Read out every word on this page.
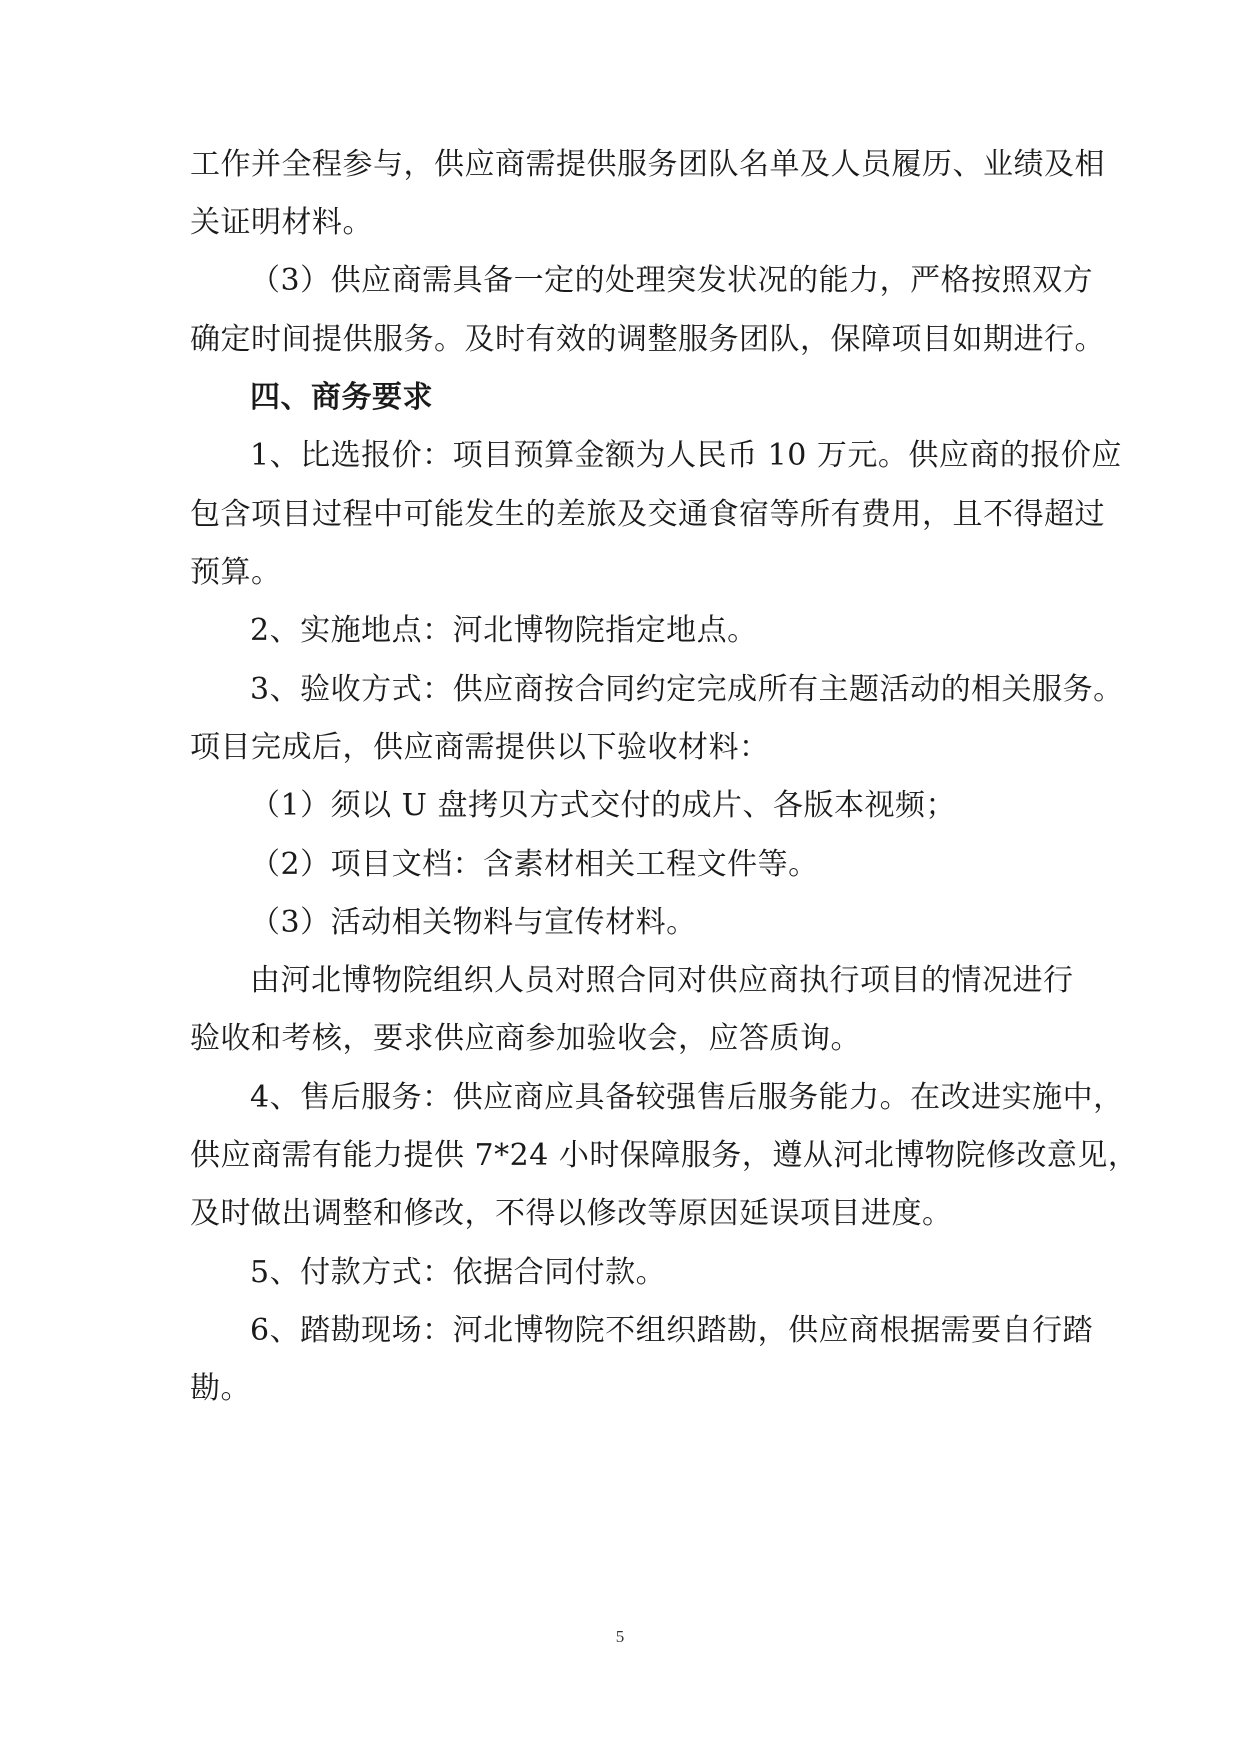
工作并全程参与，供应商需提供服务团队名单及人员履历、业绩及相
关证明材料。
（3）供应商需具备一定的处理突发状况的能力，严格按照双方
确定时间提供服务。及时有效的调整服务团队，保障项目如期进行。
四、商务要求
1、比选报价：项目预算金额为人民币 10 万元。供应商的报价应
包含项目过程中可能发生的差旅及交通食宿等所有费用，且不得超过
预算。
2、实施地点：河北博物院指定地点。
3、验收方式：供应商按合同约定完成所有主题活动的相关服务。
项目完成后，供应商需提供以下验收材料：
（1）须以 U 盘拷贝方式交付的成片、各版本视频；
（2）项目文档：含素材相关工程文件等。
（3）活动相关物料与宣传材料。
由河北博物院组织人员对照合同对供应商执行项目的情况进行
验收和考核，要求供应商参加验收会，应答质询。
4、售后服务：供应商应具备较强售后服务能力。在改进实施中，
供应商需有能力提供 7*24 小时保障服务，遵从河北博物院修改意见，
及时做出调整和修改，不得以修改等原因延误项目进度。
5、付款方式：依据合同付款。
6、踏勘现场：河北博物院不组织踏勘，供应商根据需要自行踏
勘。
5
